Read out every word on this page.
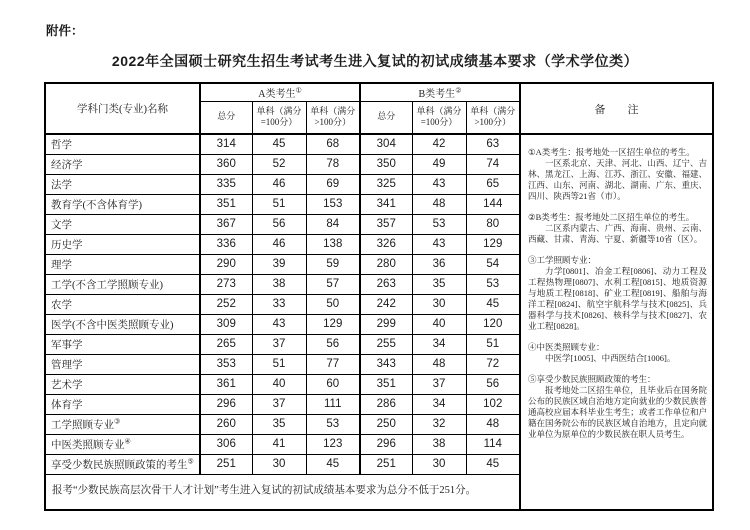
附件：
2022年全国硕士研究生招生考试考生进入复试的初试成绩基本要求（学术学位类）
学科门类(专业)名称	A类考生①			B类考生②			备　　注
	总分	单科（满分=100分）	单科（满分>100分）	总分	单科（满分=100分）	单科（满分>100分）	
哲学	314	45	68	304	42	63	

①A类考生：报考地处一区招生单位的考生。

一区系北京、天津、河北、山西、辽宁、吉林、黑龙江、上海、江苏、浙江、安徽、福建、江西、山东、河南、湖北、湖南、广东、重庆、四川、陕西等21省（市）。

②B类考生：报考地处二区招生单位的考生。

二区系内蒙古、广西、海南、贵州、云南、西藏、甘肃、青海、宁夏、新疆等10省（区）。

③工学照顾专业：

力学[0801]、冶金工程[0806]、动力工程及工程热物理[0807]、水利工程[0815]、地质资源与地质工程[0818]、矿业工程[0819]、船舶与海洋工程[0824]、航空宇航科学与技术[0825]、兵器科学与技术[0826]、核科学与技术[0827]、农业工程[0828]。

④中医类照顾专业：

中医学[1005]、中西医结合[1006]。

⑤享受少数民族照顾政策的考生：

报考地处二区招生单位，且毕业后在国务院公布的民族区域自治地方定向就业的少数民族普通高校应届本科毕业生考生；或者工作单位和户籍在国务院公布的民族区域自治地方，且定向就业单位为原单位的少数民族在职人员考生。

经济学	360	52	78	350	49	74	
法学	335	46	69	325	43	65	
教育学(不含体育学)	351	51	153	341	48	144	
文学	367	56	84	357	53	80	
历史学	336	46	138	326	43	129	
理学	290	39	59	280	36	54	
工学(不含工学照顾专业)	273	38	57	263	35	53	
农学	252	33	50	242	30	45	
医学(不含中医类照顾专业)	309	43	129	299	40	120	
军事学	265	37	56	255	34	51	
管理学	353	51	77	343	48	72	
艺术学	361	40	60	351	37	56	
体育学	296	37	111	286	34	102	
工学照顾专业③	260	35	53	250	32	48	
中医类照顾专业④	306	41	123	296	38	114	
享受少数民族照顾政策的考生⑤	251	30	45	251	30	45	
报考“少数民族高层次骨干人才计划”考生进入复试的初试成绩基本要求为总分不低于251分。							
